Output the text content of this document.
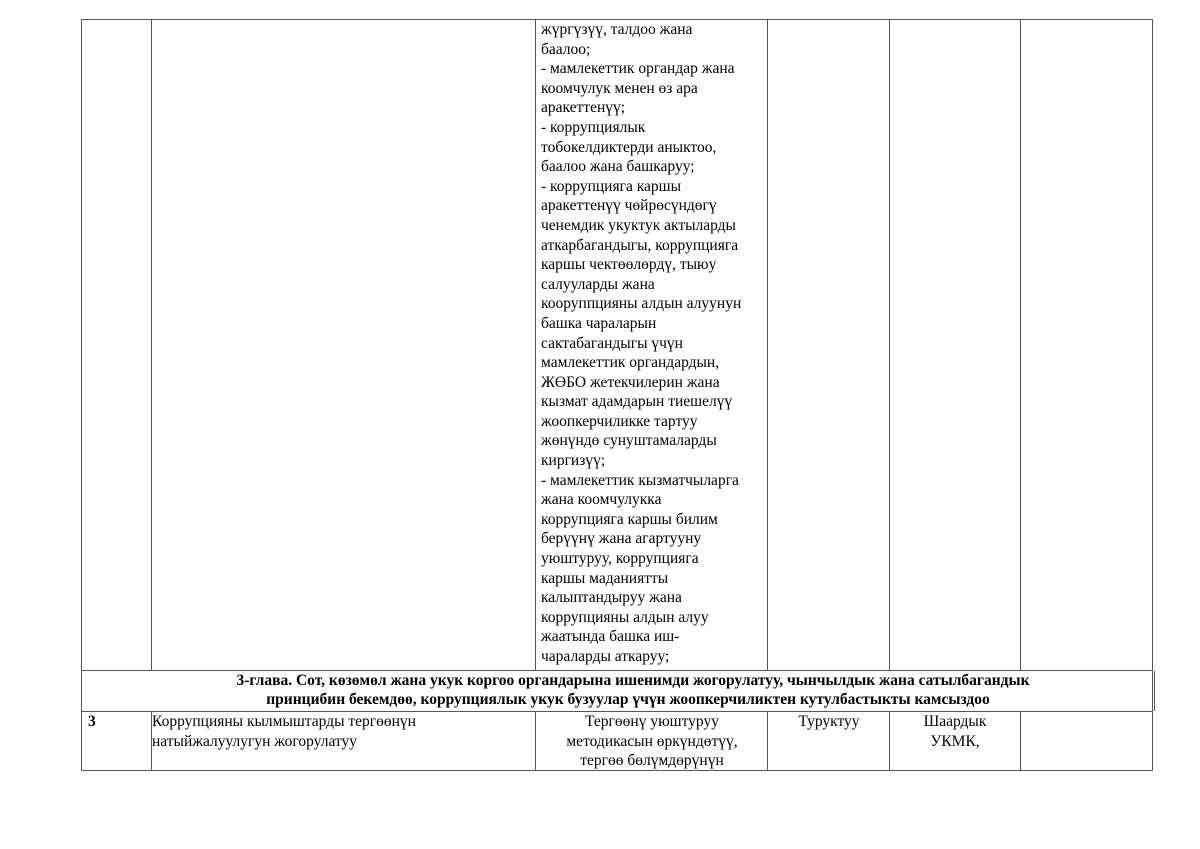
жүргүзүү, талдоо жана
баалоо;
- мамлекеттик органдар жана
коомчулук менен өз ара
аракеттенүү;
- коррупциялык
тобокелдиктерди аныктоо,
баалоо жана башкаруу;
- коррупцияга каршы
аракеттенүү чөйрөсүндөгү
ченемдик укуктук актыларды
аткарбагандыгы, коррупцияга
каршы чектөөлөрдү, тыюу
салууларды жана
кооруппцияны алдын алуунун
башка чараларын
сактабагандыгы үчүн
мамлекеттик органдардын,
ЖӨБО жетекчилерин жана
кызмат адамдарын тиешелүү
жоопкерчиликке тартуу
жөнүндө сунуштамаларды
киргизүү;
- мамлекеттик кызматчыларга
жана коомчулукка
коррупцияга каршы билим
берүүнү жана агартууну
уюштуруу, коррупцияга
каршы маданиятты
калыптандыруу жана
коррупцияны алдын алуу
жаатында башка иш-
чараларды аткаруу;
3-глава. Сот, көзөмөл жана укук коргоо органдарына ишенимди жогорулатуу, чынчылдык жана сатылбагандык
принцибин бекемдөө, коррупциялык укук бузуулар үчүн жоопкерчиликтен кутулбастыкты камсыздоо
3	Коррупцияны кылмыштарды тергөөнүн
натыйжалуулугун жогорулатуу
Тергөөнү уюштуруу
методикасын өркүндөтүү,
тергөө бөлүмдөрүнүн
Туруктуу	Шаардык
УКМК,
